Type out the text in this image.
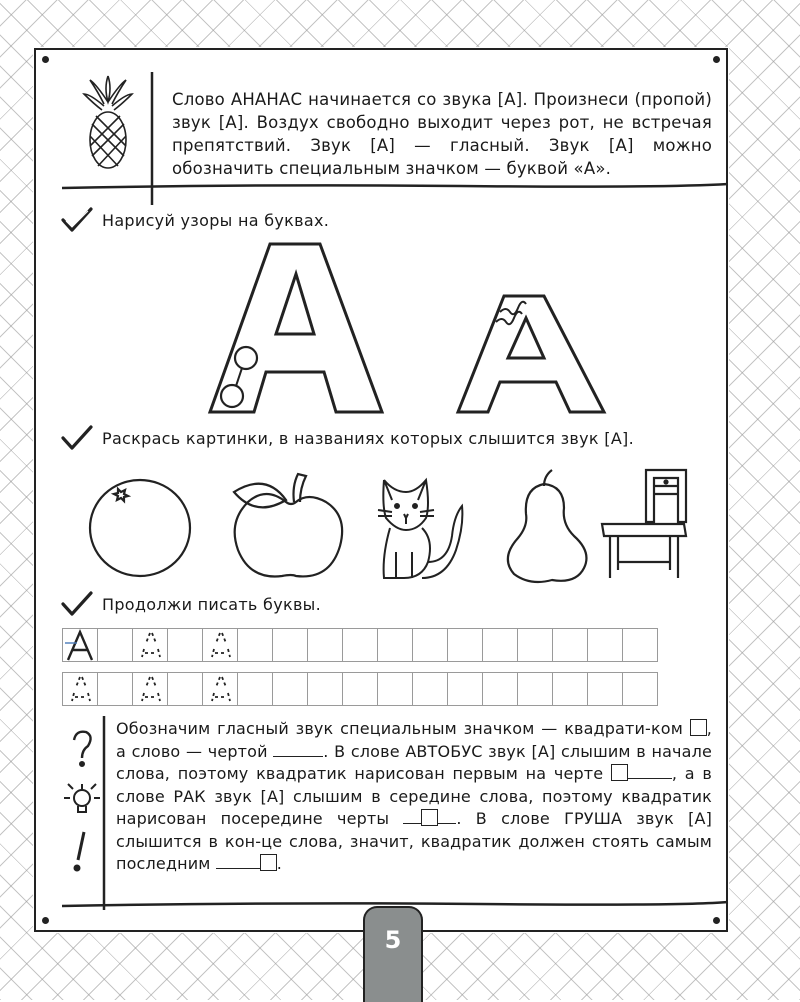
Слово АНАНАС начинается со звука [А]. Произнеси (пропой) звук [А]. Воздух свободно выходит через рот, не встречая препятствий. Звук [А] — гласный. Звук [А] можно обозначить специальным значком — буквой «А».
Нарисуй узоры на буквах.
Раскрась картинки, в названиях которых слышится звук [А].
Продолжи писать буквы.
Обозначим гласный звук специальным значком — квадрати-ком , а слово — чертой	. В слове АВТОБУС звук [А] слышим в начале слова, поэтому квадратик нарисован первым на черте	, а в слове РАК звук [А] слышим в середине слова, поэтому квадратик нарисован посередине черты	. В слове ГРУША звук [А] слышится в кон-це слова, значит, квадратик должен стоять самым последним	.
5
